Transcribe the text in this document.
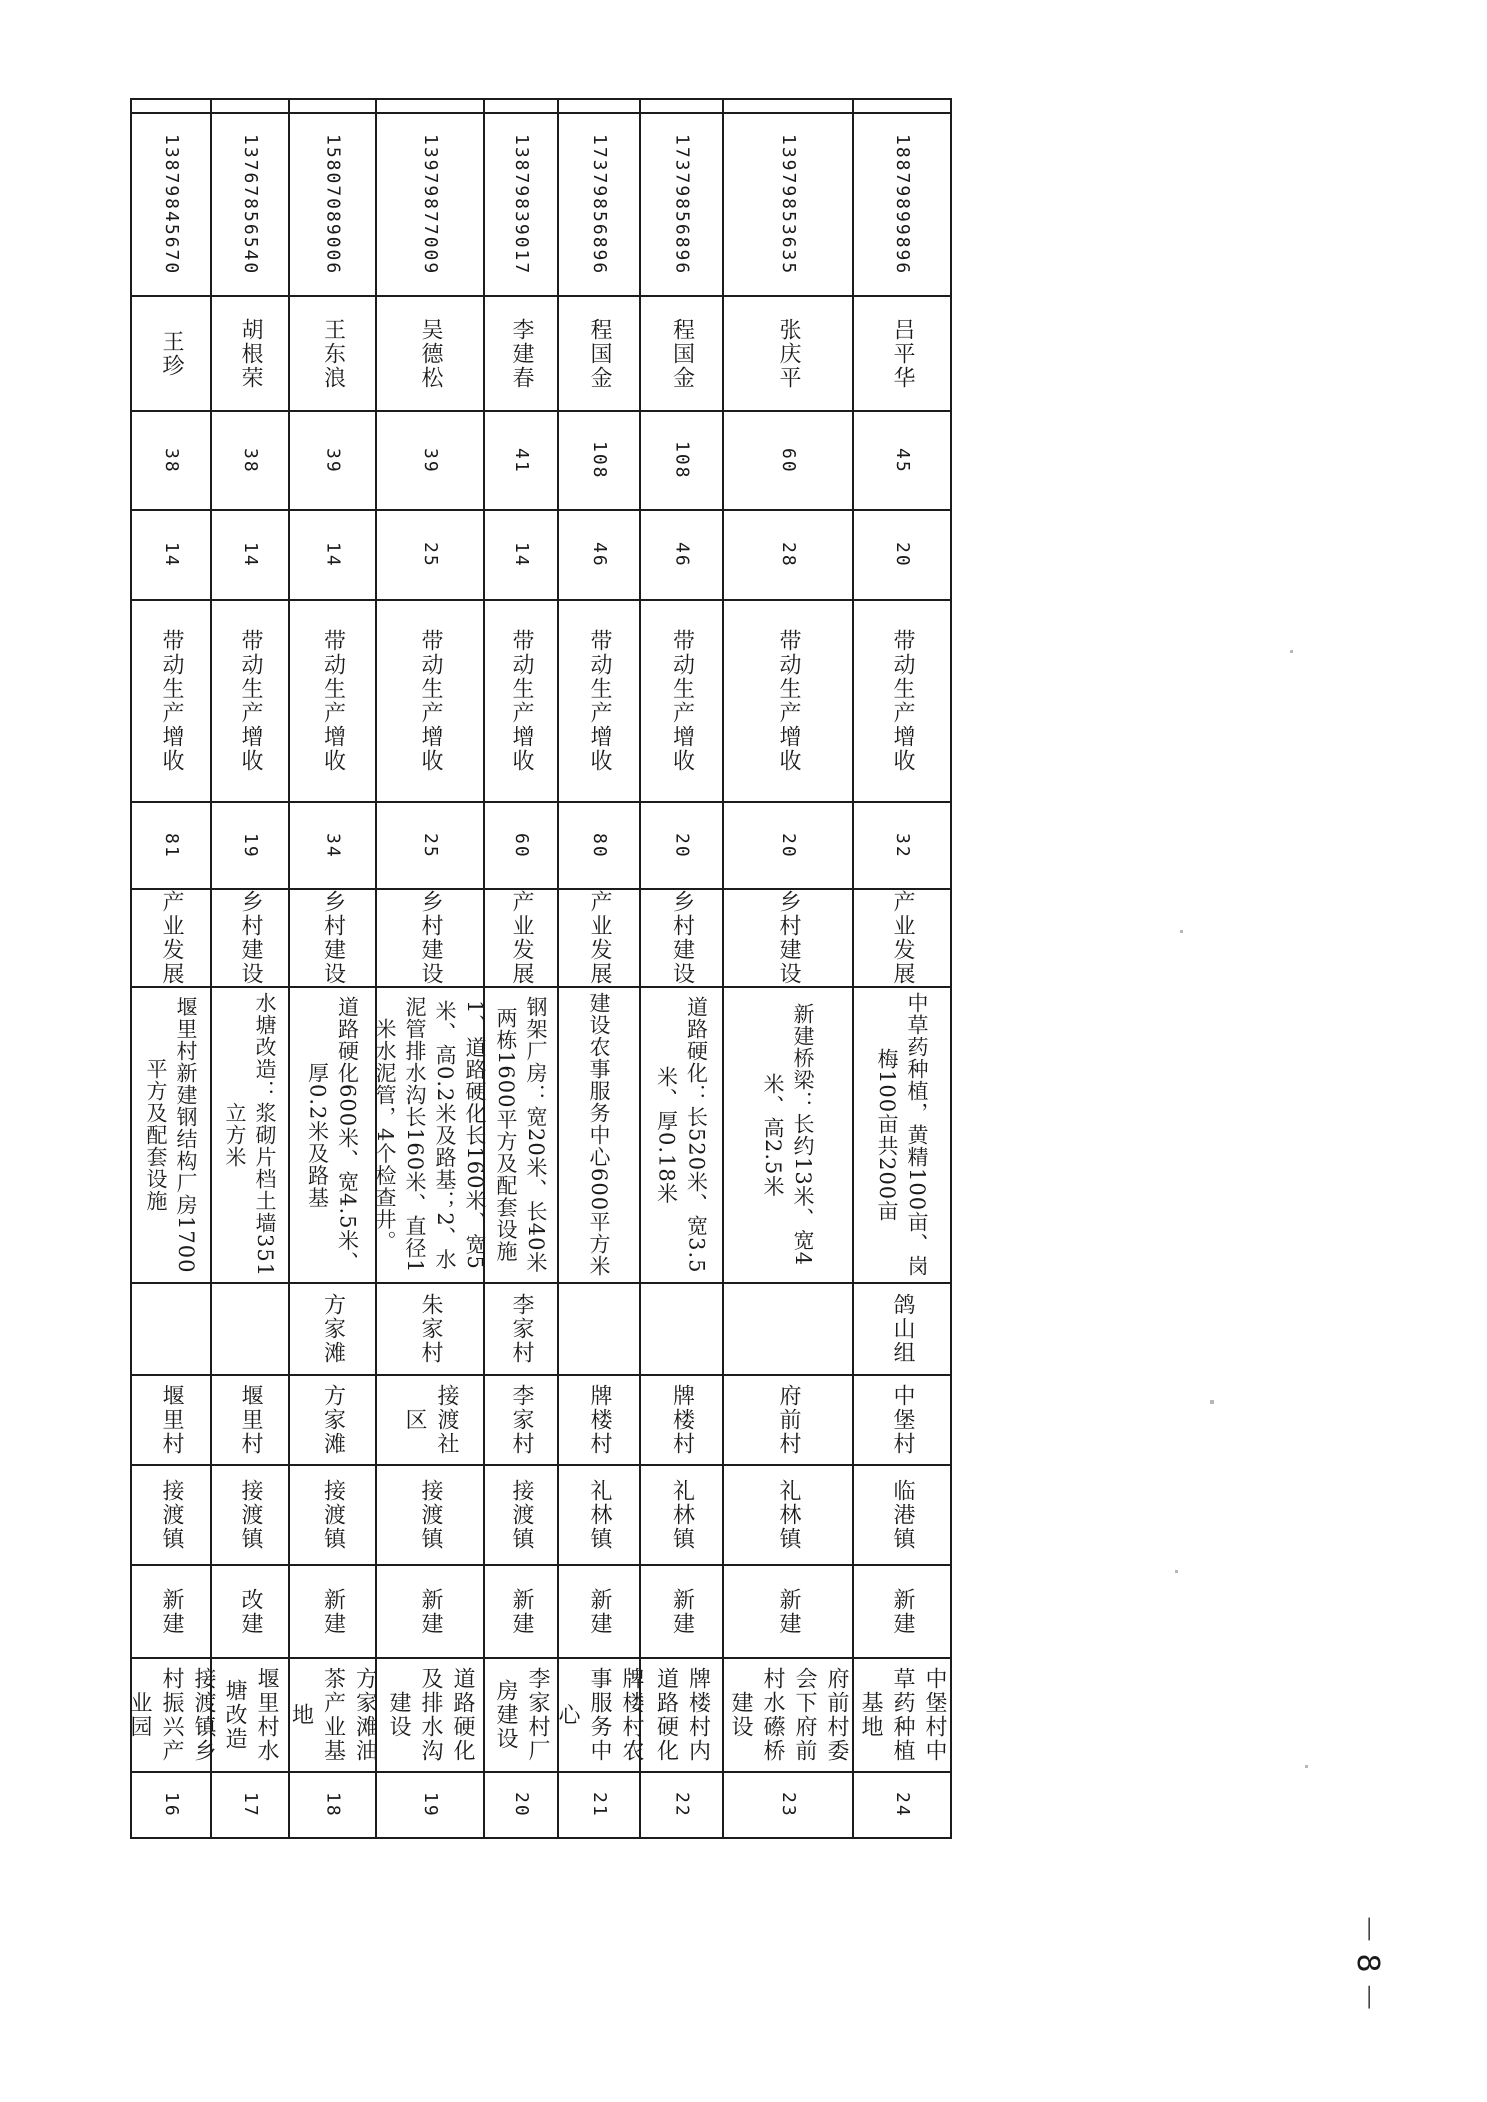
13879845670
王珍
38
14
带动生产增收
81
产业发展
堰里村新建钢结构厂房1700平方及配套设施
堰里村
接渡镇
新建
接渡镇乡村振兴产业园
16
13767856540
胡根荣
38
14
带动生产增收
19
乡村建设
水塘改造：浆砌片档土墙351立方米
堰里村
接渡镇
改建
堰里村水塘改造
17
15807089006
王东浪
39
14
带动生产增收
34
乡村建设
道路硬化600米、宽4.5米、厚0.2米及路基
方家滩
方家滩
接渡镇
新建
方家滩油茶产业基地
18
13979877009
吴德松
39
25
带动生产增收
25
乡村建设
1、道路硬化长160米、宽5米、高0.2米及路基；2、水泥管排水沟长160米、直径1米水泥管，4个检查井。
朱家村
接渡社区
接渡镇
新建
道路硬化及排水沟建设
19
13879839017
李建春
41
14
带动生产增收
60
产业发展
钢架厂房：宽20米、长40米两栋1600平方及配套设施
李家村
李家村
接渡镇
新建
李家村厂房建设
20
17379856896
程国金
108
46
带动生产增收
80
产业发展
建设农事服务中心600平方米
牌楼村
礼林镇
新建
牌楼村农事服务中心
21
17379856896
程国金
108
46
带动生产增收
20
乡村建设
道路硬化：长520米、宽3.5米、厚0.18米
牌楼村
礼林镇
新建
牌楼村内道路硬化
22
13979853635
张庆平
60
28
带动生产增收
20
乡村建设
新建桥梁：长约13米、宽4米、高2.5米
府前村
礼林镇
新建
府前村委会下府前村水礤桥建设
23
18879899896
吕平华
45
20
带动生产增收
32
产业发展
中草药种植，黄精100亩、岗梅100亩共200亩
鸽山组
中堡村
临港镇
新建
中堡村中草药种植基地
24
－ 8 －
